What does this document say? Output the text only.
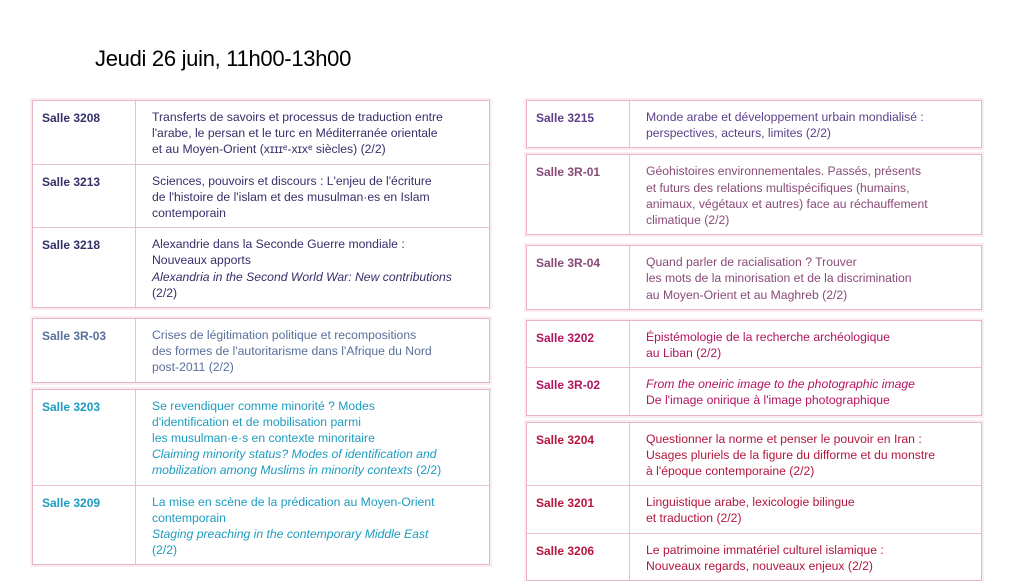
Jeudi 26 juin, 11h00-13h00
Salle 3208	Transferts de savoirs et processus de traduction entre
l'arabe, le persan et le turc en Méditerranée orientale
et au Moyen-Orient (xɪɪɪᵉ-xɪxᵉ siècles) (2/2)
Salle 3213	Sciences, pouvoirs et discours : L'enjeu de l'écriture
de l'histoire de l'islam et des musulman·es en Islam
contemporain
Salle 3218	Alexandrie dans la Seconde Guerre mondiale :
Nouveaux apports
Alexandria in the Second World War: New contributions
(2/2)
Salle 3R-03	Crises de légitimation politique et recompositions
des formes de l'autoritarisme dans l'Afrique du Nord
post-2011 (2/2)
Salle 3203	Se revendiquer comme minorité ? Modes
d'identification et de mobilisation parmi
les musulman·e·s en contexte minoritaire
Claiming minority status? Modes of identification and
mobilization among Muslims in minority contexts (2/2)
Salle 3209	La mise en scène de la prédication au Moyen-Orient
contemporain
Staging preaching in the contemporary Middle East
(2/2)
Salle 3215	Monde arabe et développement urbain mondialisé :
perspectives, acteurs, limites (2/2)
Salle 3R-01	Géohistoires environnementales. Passés, présents
et futurs des relations multispécifiques (humains,
animaux, végétaux et autres) face au réchauffement
climatique (2/2)
Salle 3R-04	Quand parler de racialisation ? Trouver
les mots de la minorisation et de la discrimination
au Moyen-Orient et au Maghreb (2/2)
Salle 3202	Épistémologie de la recherche archéologique
au Liban (2/2)
Salle 3R-02	From the oneiric image to the photographic image
De l'image onirique à l'image photographique
Salle 3204	Questionner la norme et penser le pouvoir en Iran :
Usages pluriels de la figure du difforme et du monstre
à l'époque contemporaine (2/2)
Salle 3201	Linguistique arabe, lexicologie bilingue
et traduction (2/2)
Salle 3206	Le patrimoine immatériel culturel islamique :
Nouveaux regards, nouveaux enjeux (2/2)
